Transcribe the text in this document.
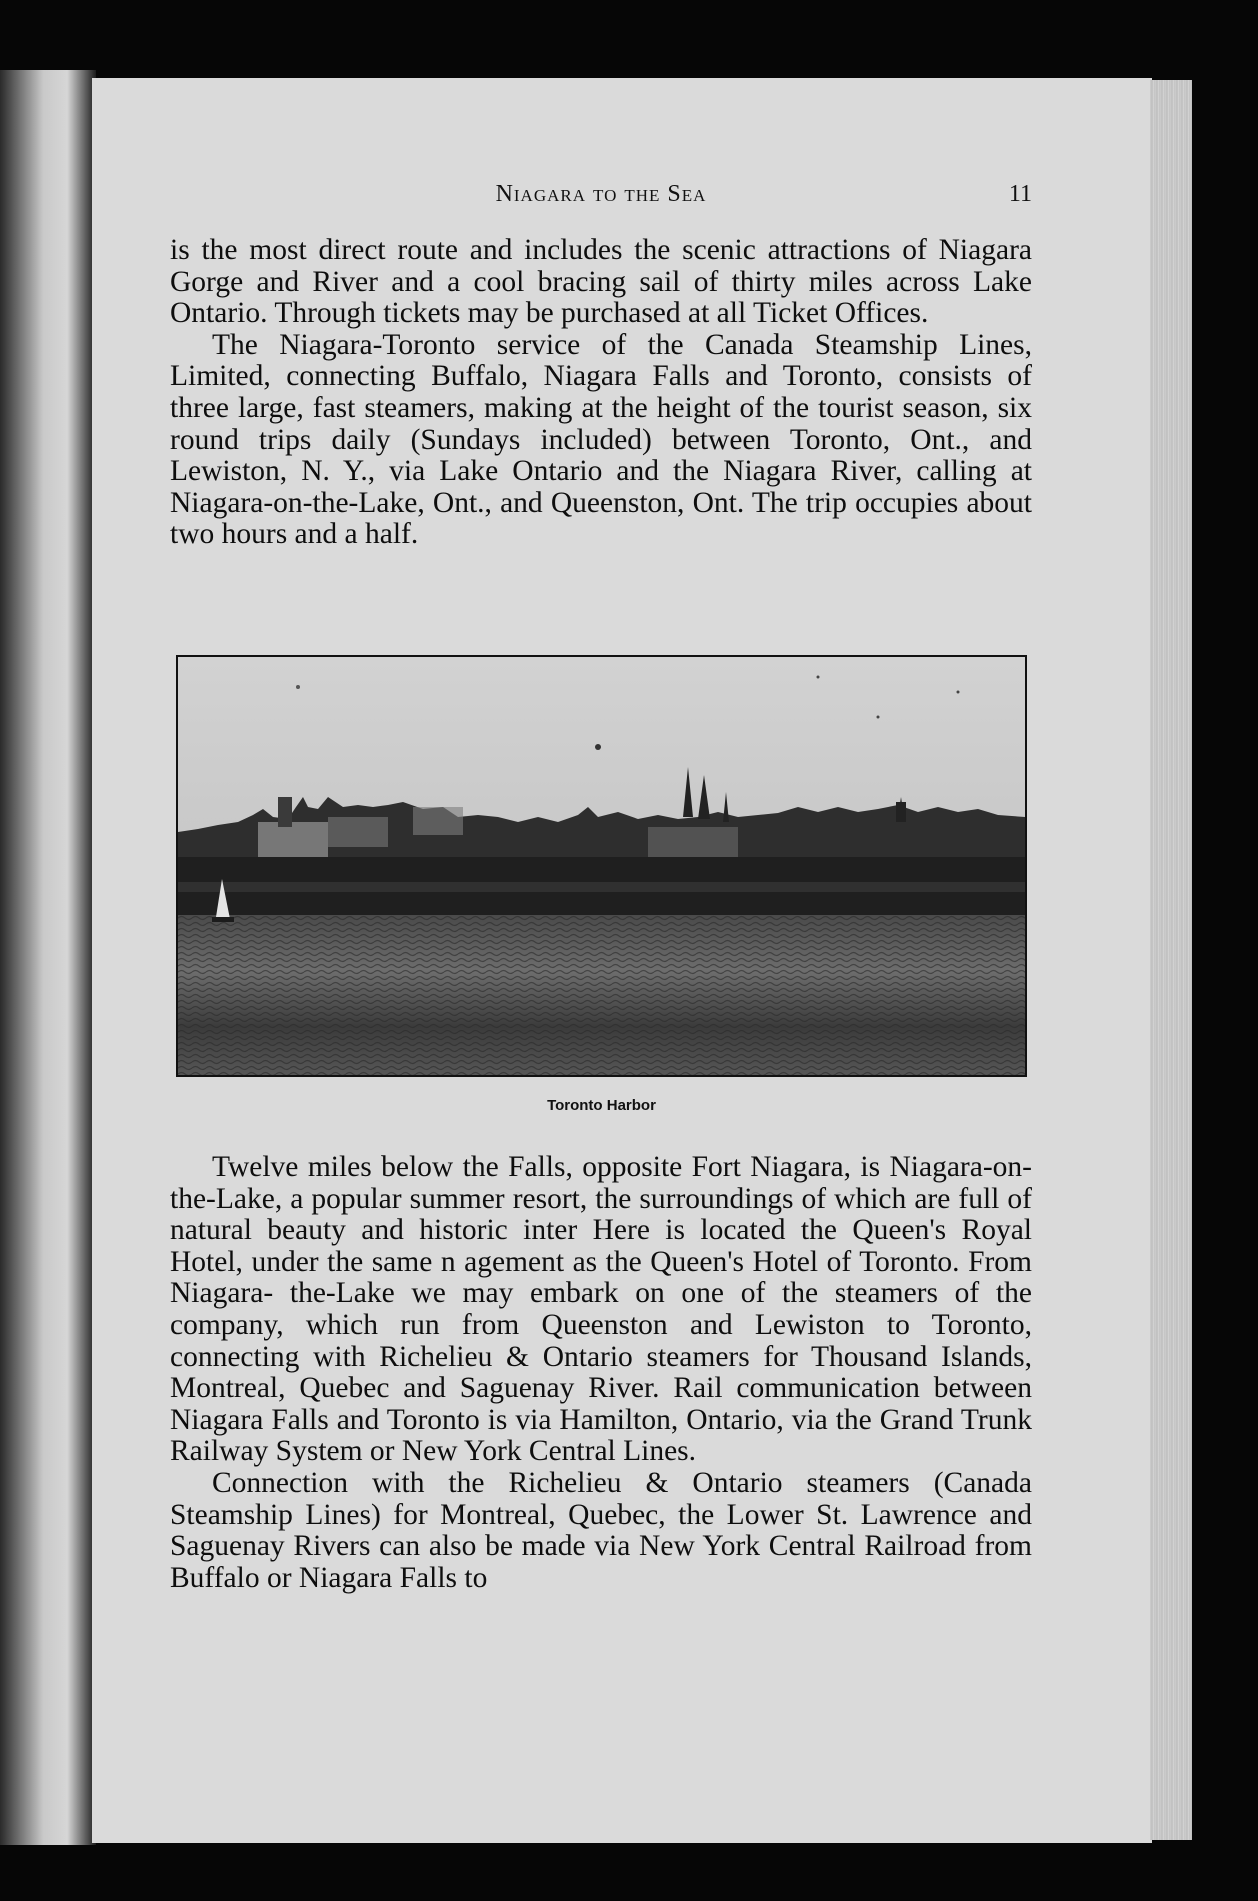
Niagara to the Sea	11

is the most direct route and includes the scenic attractions of Niagara Gorge and River and a cool bracing sail of thirty miles across Lake Ontario. Through tickets may be purchased at all Ticket Offices.

The Niagara-Toronto service of the Canada Steamship Lines, Limited, connecting Buffalo, Niagara Falls and Toronto, consists of three large, fast steamers, making at the height of the tourist season, six round trips daily (Sundays included) between Toronto, Ont., and Lewiston, N. Y., via Lake Ontario and the Niagara River, calling at Niagara-on-the-Lake, Ont., and Queenston, Ont. The trip occupies about two hours and a half.

Toronto Harbor

Twelve miles below the Falls, opposite Fort Niagara, is Niagara-on-the-Lake, a popular summer resort, the surroundings of which are full of natural beauty and historic inter Here is located the Queen's Royal Hotel, under the same n agement as the Queen's Hotel of Toronto. From Niagara- the-Lake we may embark on one of the steamers of the company, which run from Queenston and Lewiston to Toronto, connecting with Richelieu & Ontario steamers for Thousand Islands, Montreal, Quebec and Saguenay River. Rail communication between Niagara Falls and Toronto is via Hamilton, Ontario, via the Grand Trunk Railway System or New York Central Lines.

Connection with the Richelieu & Ontario steamers (Canada Steamship Lines) for Montreal, Quebec, the Lower St. Lawrence and Saguenay Rivers can also be made via New York Central Railroad from Buffalo or Niagara Falls to
